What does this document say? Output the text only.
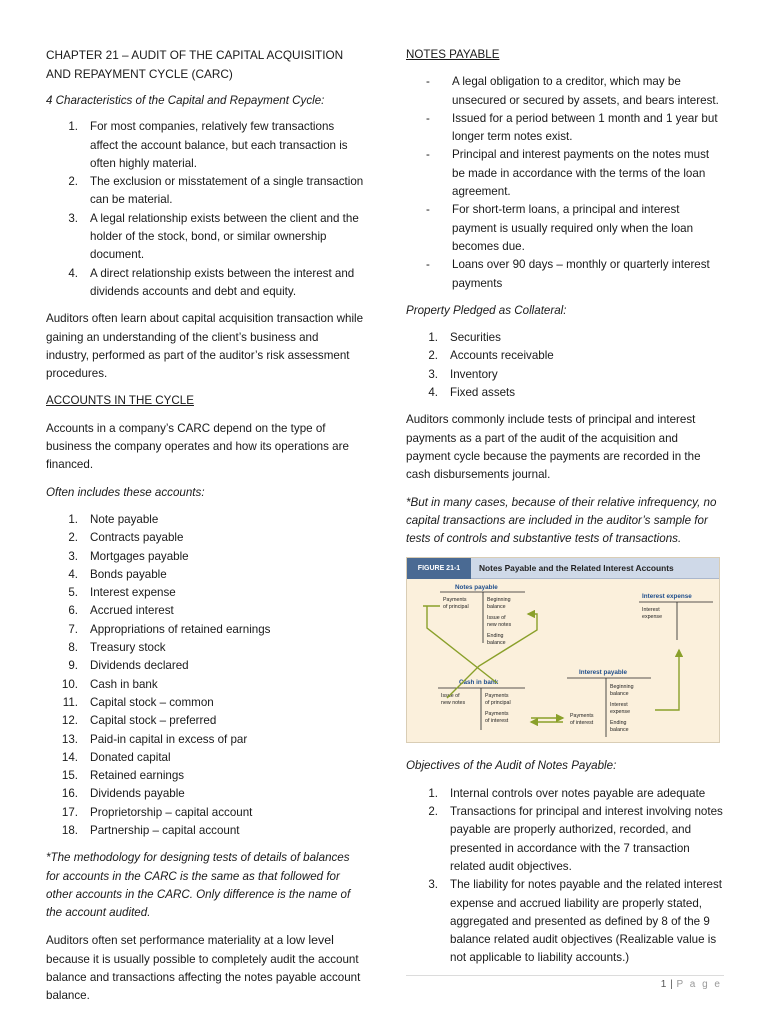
CHAPTER 21 – AUDIT OF THE CAPITAL ACQUISITION AND REPAYMENT CYCLE (CARC)
4 Characteristics of the Capital and Repayment Cycle:
1. For most companies, relatively few transactions affect the account balance, but each transaction is often highly material.
2. The exclusion or misstatement of a single transaction can be material.
3. A legal relationship exists between the client and the holder of the stock, bond, or similar ownership document.
4. A direct relationship exists between the interest and dividends accounts and debt and equity.

Auditors often learn about capital acquisition transaction while gaining an understanding of the client’s business and industry, performed as part of the auditor’s risk assessment procedures.

ACCOUNTS IN THE CYCLE

Accounts in a company’s CARC depend on the type of business the company operates and how its operations are financed.

Often includes these accounts:
1. Note payable
2. Contracts payable
3. Mortgages payable
4. Bonds payable
5. Interest expense
6. Accrued interest
7. Appropriations of retained earnings
8. Treasury stock
9. Dividends declared
10. Cash in bank
11. Capital stock – common
12. Capital stock – preferred
13. Paid-in capital in excess of par
14. Donated capital
15. Retained earnings
16. Dividends payable
17. Proprietorship – capital account
18. Partnership – capital account

*The methodology for designing tests of details of balances for accounts in the CARC is the same as that followed for other accounts in the CARC. Only difference is the name of the account audited.

Auditors often set performance materiality at a low level because it is usually possible to completely audit the account balance and transactions affecting the notes payable account balance.

NOTES PAYABLE
- A legal obligation to a creditor, which may be unsecured or secured by assets, and bears interest.
- Issued for a period between 1 month and 1 year but longer term notes exist.
- Principal and interest payments on the notes must be made in accordance with the terms of the loan agreement.
- For short-term loans, a principal and interest payment is usually required only when the loan becomes due.
- Loans over 90 days – monthly or quarterly interest payments
Property Pledged as Collateral:
1. Securities
2. Accounts receivable
3. Inventory
4. Fixed assets

Auditors commonly include tests of principal and interest payments as a part of the audit of the acquisition and payment cycle because the payments are recorded in the cash disbursements journal.

*But in many cases, because of their relative infrequency, no capital transactions are included in the auditor’s sample for tests of controls and substantive tests of transactions.

FIGURE 21-1	Notes Payable and the Related Interest Accounts
Notes payable
Payments of principal
Beginning balance Issue of new notes Ending balance
Interest expense
Interest expense
Cash in bank
Issue of new notes
Payments of principal Payments of interest
Interest payable
Payments of interest
Beginning balance Interest expense Ending balance
Objectives of the Audit of Notes Payable:
1. Internal controls over notes payable are adequate
2. Transactions for principal and interest involving notes payable are properly authorized, recorded, and presented in accordance with the 7 transaction related audit objectives.
3. The liability for notes payable and the related interest expense and accrued liability are properly stated, aggregated and presented as defined by 8 of the 9 balance related audit objectives (Realizable value is not applicable to liability accounts.)
1 | P a g e
